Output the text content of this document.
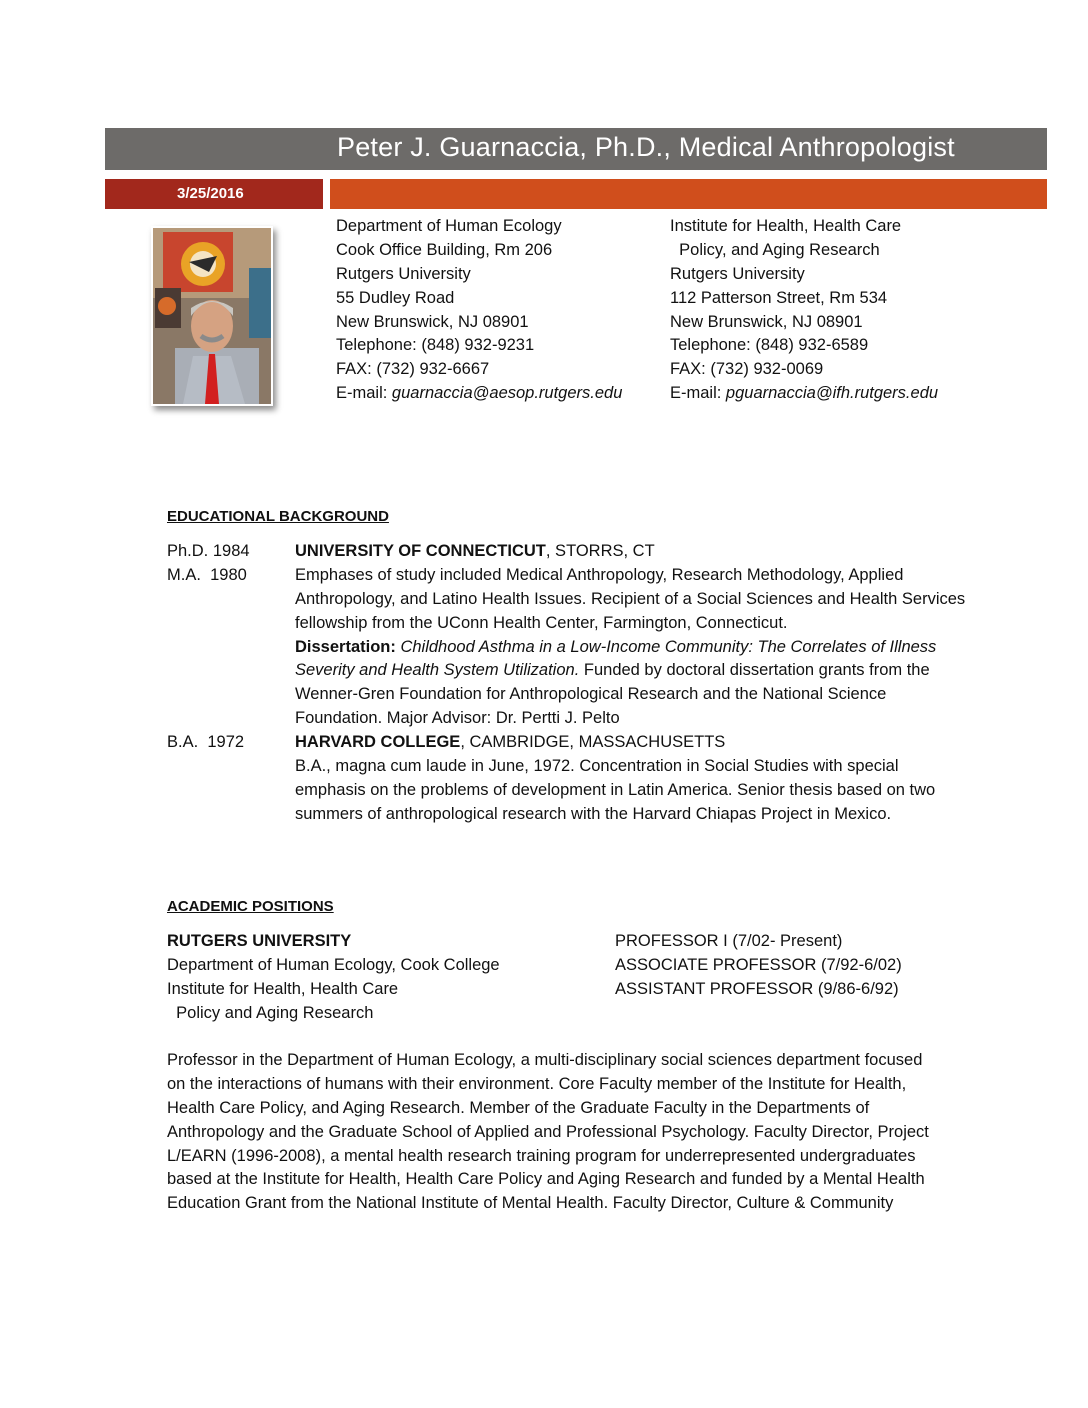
Peter J. Guarnaccia, Ph.D., Medical Anthropologist
3/25/2016
Department of Human Ecology
Cook Office Building, Rm 206
Rutgers University
55 Dudley Road
New Brunswick, NJ 08901
Telephone: (848) 932-9231
FAX: (732) 932-6667
E-mail: guarnaccia@aesop.rutgers.edu
Institute for Health, Health Care
Policy, and Aging Research
Rutgers University
112 Patterson Street, Rm 534
New Brunswick, NJ 08901
Telephone: (848) 932-6589
FAX: (732) 932-0069
E-mail: pguarnaccia@ifh.rutgers.edu
EDUCATIONAL BACKGROUND
Ph.D. 1984
M.A.  1980
UNIVERSITY OF CONNECTICUT, STORRS, CT
Emphases of study included Medical Anthropology, Research Methodology, Applied
Anthropology, and Latino Health Issues. Recipient of a Social Sciences and Health Services
fellowship from the UConn Health Center, Farmington, Connecticut.
Dissertation: Childhood Asthma in a Low-Income Community: The Correlates of Illness
Severity and Health System Utilization. Funded by doctoral dissertation grants from the
Wenner-Gren Foundation for Anthropological Research and the National Science
Foundation. Major Advisor: Dr. Pertti J. Pelto
B.A.  1972	HARVARD COLLEGE, CAMBRIDGE, MASSACHUSETTS
B.A., magna cum laude in June, 1972. Concentration in Social Studies with special
emphasis on the problems of development in Latin America. Senior thesis based on two
summers of anthropological research with the Harvard Chiapas Project in Mexico.
ACADEMIC POSITIONS
RUTGERS UNIVERSITY
Department of Human Ecology, Cook College
Institute for Health, Health Care
Policy and Aging Research
PROFESSOR I (7/02- Present)
ASSOCIATE PROFESSOR (7/92-6/02)
ASSISTANT PROFESSOR (9/86-6/92)
Professor in the Department of Human Ecology, a multi-disciplinary social sciences department focused
on the interactions of humans with their environment. Core Faculty member of the Institute for Health,
Health Care Policy, and Aging Research. Member of the Graduate Faculty in the Departments of
Anthropology and the Graduate School of Applied and Professional Psychology. Faculty Director, Project
L/EARN (1996-2008), a mental health research training program for underrepresented undergraduates
based at the Institute for Health, Health Care Policy and Aging Research and funded by a Mental Health
Education Grant from the National Institute of Mental Health. Faculty Director, Culture & Community
